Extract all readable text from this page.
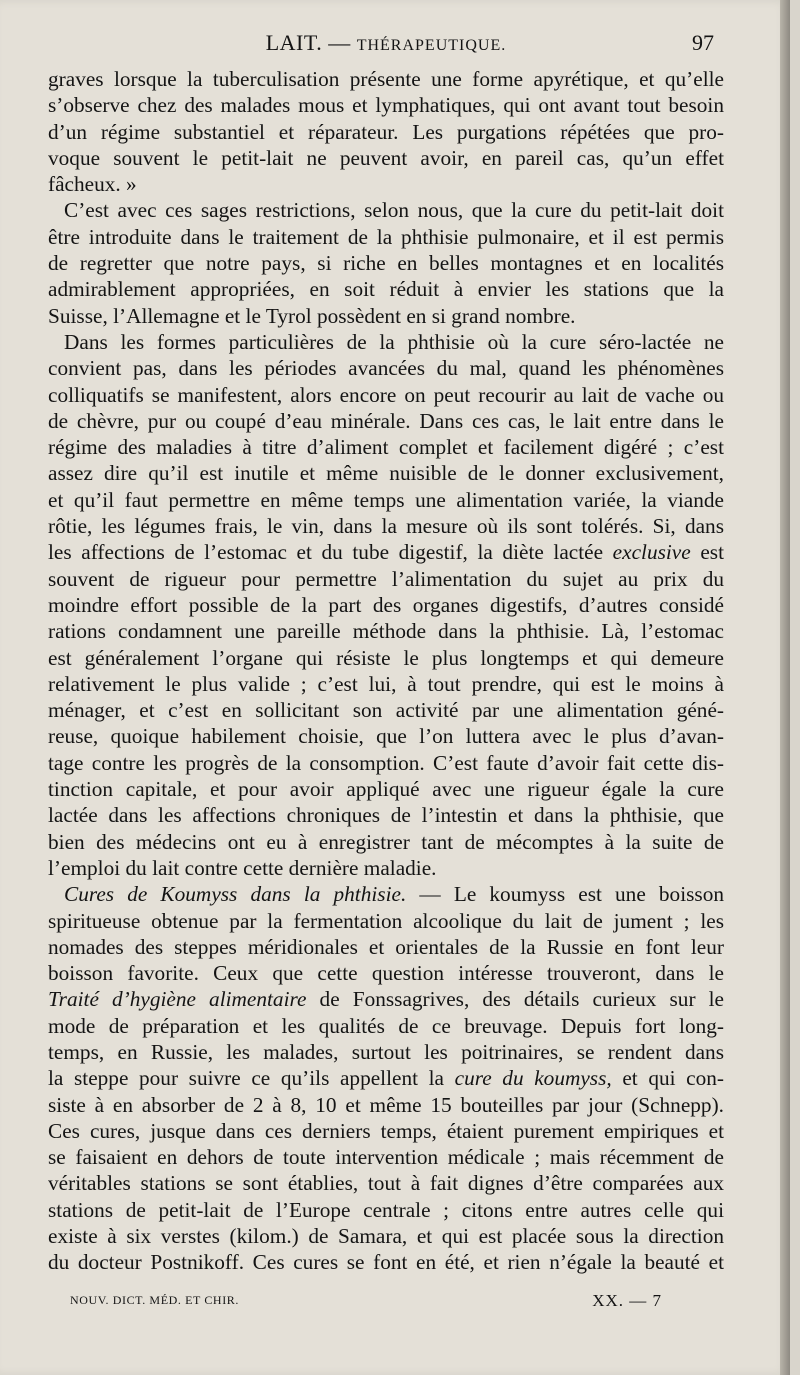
LAIT. — THÉRAPEUTIQUE.	97
graves lorsque la tuberculisation présente une forme apyrétique, et qu’elle
s’observe chez des malades mous et lymphatiques, qui ont avant tout besoin
d’un régime substantiel et réparateur. Les purgations répétées que pro-
voque souvent le petit-lait ne peuvent avoir, en pareil cas, qu’un effet
fâcheux. »
C’est avec ces sages restrictions, selon nous, que la cure du petit-lait doit
être introduite dans le traitement de la phthisie pulmonaire, et il est permis
de regretter que notre pays, si riche en belles montagnes et en localités
admirablement appropriées, en soit réduit à envier les stations que la
Suisse, l’Allemagne et le Tyrol possèdent en si grand nombre.
Dans les formes particulières de la phthisie où la cure séro-lactée ne
convient pas, dans les périodes avancées du mal, quand les phénomènes
colliquatifs se manifestent, alors encore on peut recourir au lait de vache ou
de chèvre, pur ou coupé d’eau minérale. Dans ces cas, le lait entre dans le
régime des maladies à titre d’aliment complet et facilement digéré ; c’est
assez dire qu’il est inutile et même nuisible de le donner exclusivement,
et qu’il faut permettre en même temps une alimentation variée, la viande
rôtie, les légumes frais, le vin, dans la mesure où ils sont tolérés. Si, dans
les affections de l’estomac et du tube digestif, la diète lactée exclusive est
souvent de rigueur pour permettre l’alimentation du sujet au prix du
moindre effort possible de la part des organes digestifs, d’autres considé
rations condamnent une pareille méthode dans la phthisie. Là, l’estomac
est généralement l’organe qui résiste le plus longtemps et qui demeure
relativement le plus valide ; c’est lui, à tout prendre, qui est le moins à
ménager, et c’est en sollicitant son activité par une alimentation géné-
reuse, quoique habilement choisie, que l’on luttera avec le plus d’avan-
tage contre les progrès de la consomption. C’est faute d’avoir fait cette dis-
tinction capitale, et pour avoir appliqué avec une rigueur égale la cure
lactée dans les affections chroniques de l’intestin et dans la phthisie, que
bien des médecins ont eu à enregistrer tant de mécomptes à la suite de
l’emploi du lait contre cette dernière maladie.
Cures de Koumyss dans la phthisie. — Le koumyss est une boisson
spiritueuse obtenue par la fermentation alcoolique du lait de jument ; les
nomades des steppes méridionales et orientales de la Russie en font leur
boisson favorite. Ceux que cette question intéresse trouveront, dans le
Traité d’hygiène alimentaire de Fonssagrives, des détails curieux sur le
mode de préparation et les qualités de ce breuvage. Depuis fort long-
temps, en Russie, les malades, surtout les poitrinaires, se rendent dans
la steppe pour suivre ce qu’ils appellent la cure du koumyss, et qui con-
siste à en absorber de 2 à 8, 10 et même 15 bouteilles par jour (Schnepp).
Ces cures, jusque dans ces derniers temps, étaient purement empiriques et
se faisaient en dehors de toute intervention médicale ; mais récemment de
véritables stations se sont établies, tout à fait dignes d’être comparées aux
stations de petit-lait de l’Europe centrale ; citons entre autres celle qui
existe à six verstes (kilom.) de Samara, et qui est placée sous la direction
du docteur Postnikoff. Ces cures se font en été, et rien n’égale la beauté et
NOUV. DICT. MÉD. ET CHIR.	XX. — 7
